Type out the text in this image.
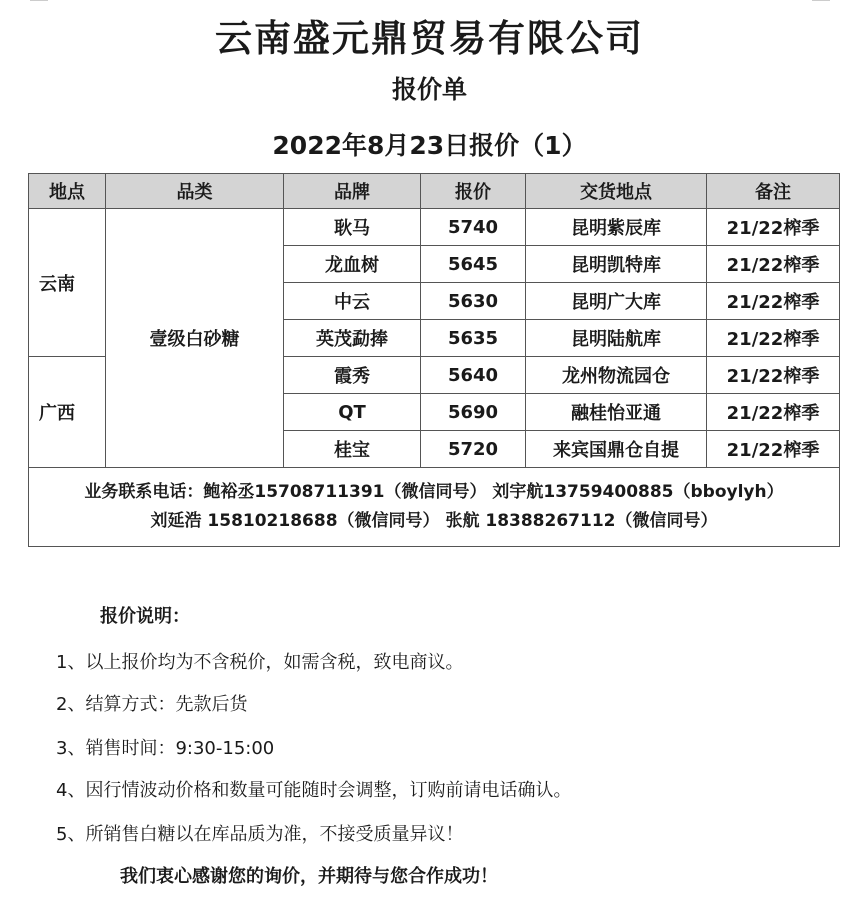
云南盛元鼎贸易有限公司
报价单
2022年8月23日报价（1）
地点	品类	品牌	报价	交货地点	备注
云南	壹级白砂糖	耿马	5740	昆明紫辰库	21/22榨季
		龙血树	5645	昆明凯特库	21/22榨季
		中云	5630	昆明广大库	21/22榨季
		英茂勐捧	5635	昆明陆航库	21/22榨季
广西		霞秀	5640	龙州物流园仓	21/22榨季
		QT	5690	融桂怡亚通	21/22榨季
		桂宝	5720	来宾国鼎仓自提	21/22榨季

业务联系电话：鲍裕丞15708711391（微信同号） 刘宇航13759400885（bboylyh）
刘延浩 15810218688（微信同号） 张航 18388267112（微信同号）					
报价说明：
1、以上报价均为不含税价，如需含税，致电商议。
2、结算方式：先款后货
3、销售时间：9:30-15:00
4、因行情波动价格和数量可能随时会调整，订购前请电话确认。
5、所销售白糖以在库品质为准，不接受质量异议！
我们衷心感谢您的询价，并期待与您合作成功！
